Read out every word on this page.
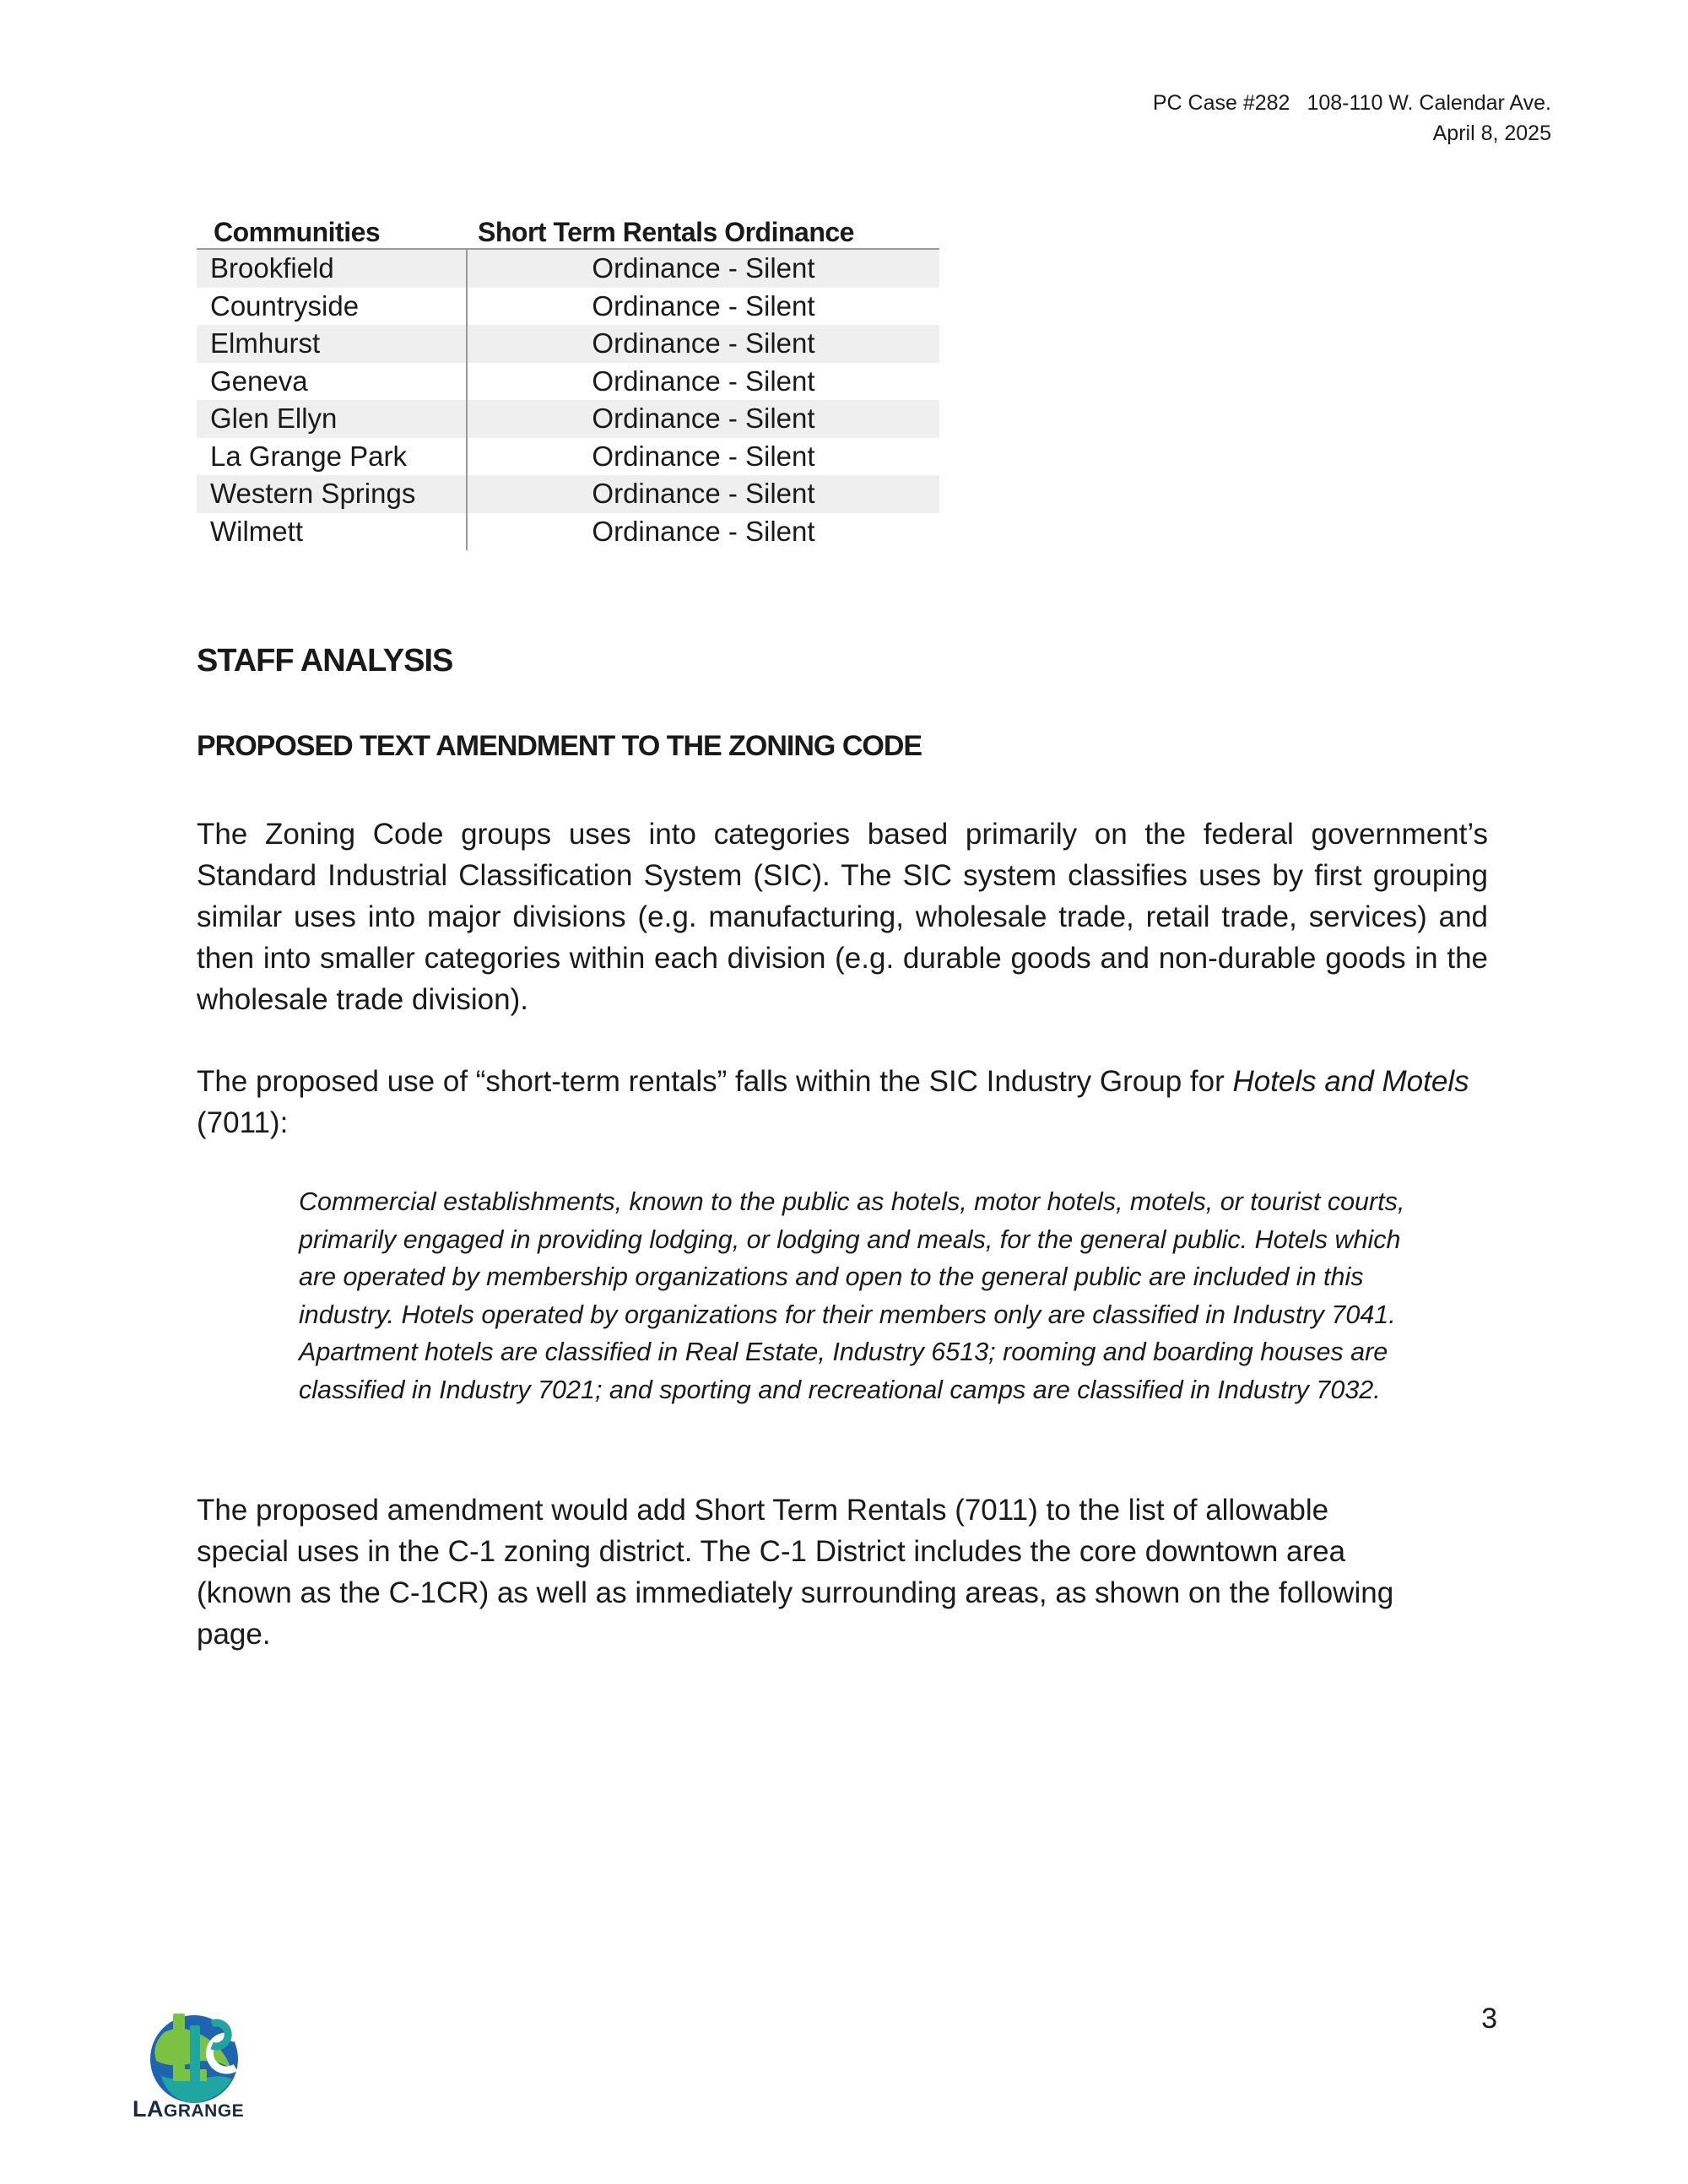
PC Case #282 108-110 W. Calendar Ave.
April 8, 2025
Communities	Short Term Rentals Ordinance
Brookfield	Ordinance - Silent
Countryside	Ordinance - Silent
Elmhurst	Ordinance - Silent
Geneva	Ordinance - Silent
Glen Ellyn	Ordinance - Silent
La Grange Park	Ordinance - Silent
Western Springs	Ordinance - Silent
Wilmett	Ordinance - Silent
STAFF ANALYSIS
PROPOSED TEXT AMENDMENT TO THE ZONING CODE

The Zoning Code groups uses into categories based primarily on the federal government’s Standard Industrial Classification System (SIC). The SIC system classifies uses by first grouping similar uses into major divisions (e.g. manufacturing, wholesale trade, retail trade, services) and then into smaller categories within each division (e.g. durable goods and non-durable goods in the wholesale trade division).

The proposed use of “short-term rentals” falls within the SIC Industry Group for Hotels and Motels (7011):

Commercial establishments, known to the public as hotels, motor hotels, motels, or tourist courts, primarily engaged in providing lodging, or lodging and meals, for the general public. Hotels which are operated by membership organizations and open to the general public are included in this industry. Hotels operated by organizations for their members only are classified in Industry 7041. Apartment hotels are classified in Real Estate, Industry 6513; rooming and boarding houses are classified in Industry 7021; and sporting and recreational camps are classified in Industry 7032.

The proposed amendment would add Short Term Rentals (7011) to the list of allowable special uses in the C-1 zoning district. The C-1 District includes the core downtown area (known as the C-1CR) as well as immediately surrounding areas, as shown on the following page.

3
LAGRANGE
